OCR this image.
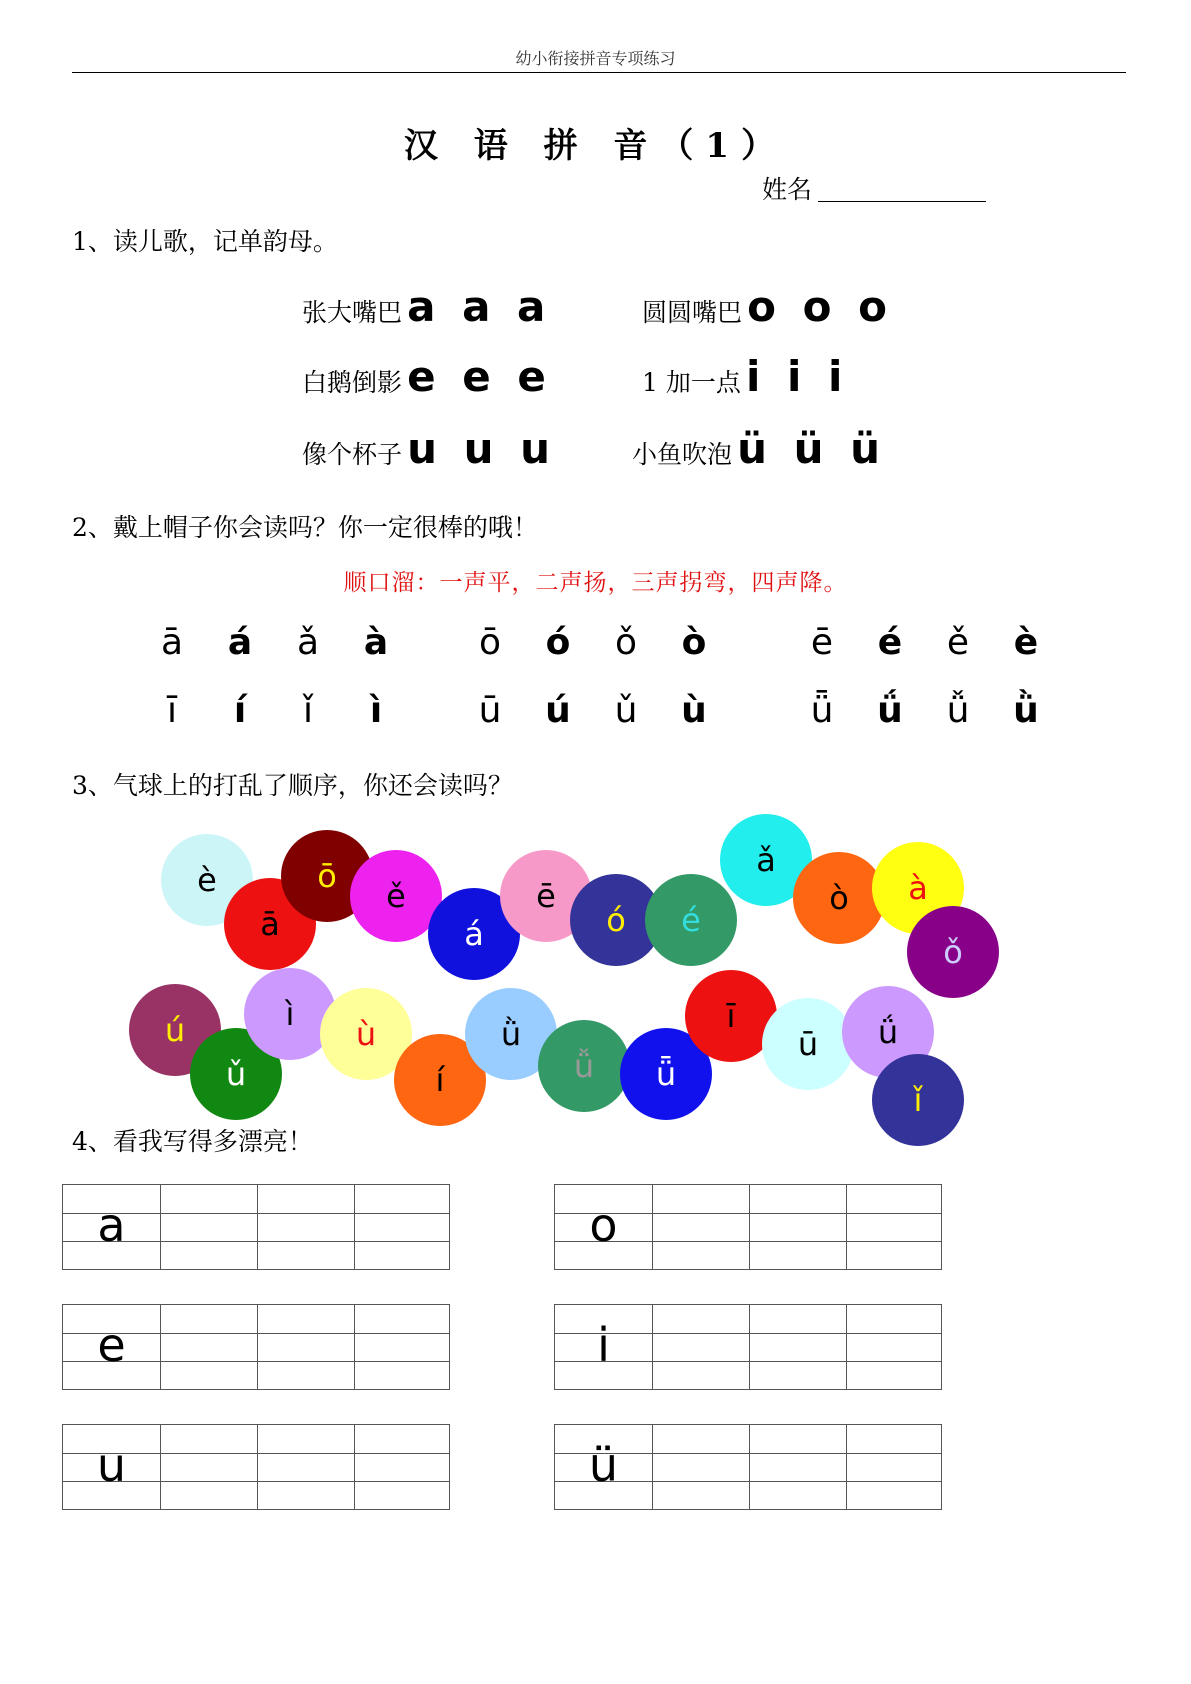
幼小衔接拼音专项练习
汉 语 拼 音（1）
姓名
1、读儿歌，记单韵母。
张大嘴巴 a a a	圆圆嘴巴 o o o
白鹅倒影 e e e	1 加一点 i i i
像个杯子 u u u	小鱼吹泡 ü ü ü
2、戴上帽子你会读吗？你一定很棒的哦！
顺口溜：一声平，二声扬，三声拐弯，四声降。
ā	á	ǎ	à	ō	ó	ǒ	ò	ē	é	ě	è
ī	í	ǐ	ì	ū	ú	ǔ	ù	ǖ	ǘ	ǚ	ǜ
3、气球上的打乱了顺序，你还会读吗？
è
ā
ō
ě
á
ē
ó é
ǎ
ò à
ǒ
ú
ǔ
ì
ù
í
ǜ
ǚ ǖ
ī
ū ǘ
ǐ
4、看我写得多漂亮！
a	o
e	i
u	ü
